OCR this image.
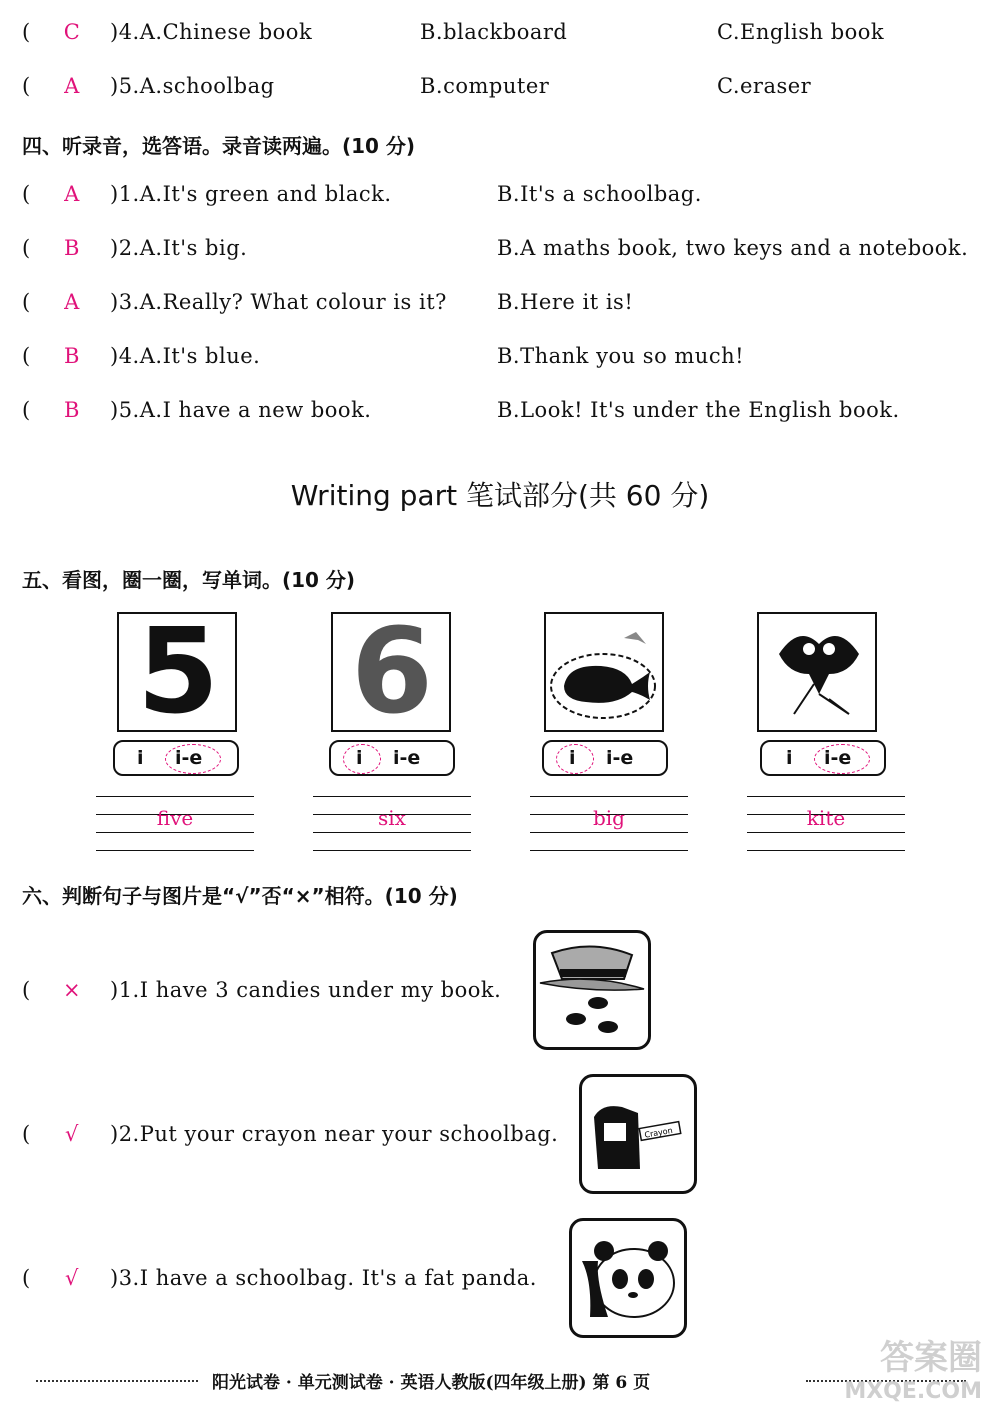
(	C	)4.A.Chinese book	B.blackboard	C.English book
(	A	)5.A.schoolbag	B.computer	C.eraser
四、听录音，选答语。录音读两遍。(10 分)
(	A	)1.A.It's green and black.	B.It's a schoolbag.
(	B	)2.A.It's big.	B.A maths book, two keys and a notebook.
(	A	)3.A.Really? What colour is it? B.Here it is!
(	B	)4.A.It's blue.	B.Thank you so much!
(	B	)5.A.I have a new book.	B.Look! It's under the English book.
Writing part 笔试部分(共 60 分)
五、看图，圈一圈，写单词。(10 分)
5 6
i i-e	i i-e	i i-e	i i-e
five	six	big	kite
六、判断句子与图片是“√”否“×”相符。(10 分)
(	×	)1.I have 3 candies under my book.
(	√	)2.Put your crayon near your schoolbag.	Crayon
(	√	)3.I have a schoolbag. It's a fat panda.
阳光试卷 · 单元测试卷 · 英语人教版(四年级上册) 第 6 页
答案圈
MXQE.COM
